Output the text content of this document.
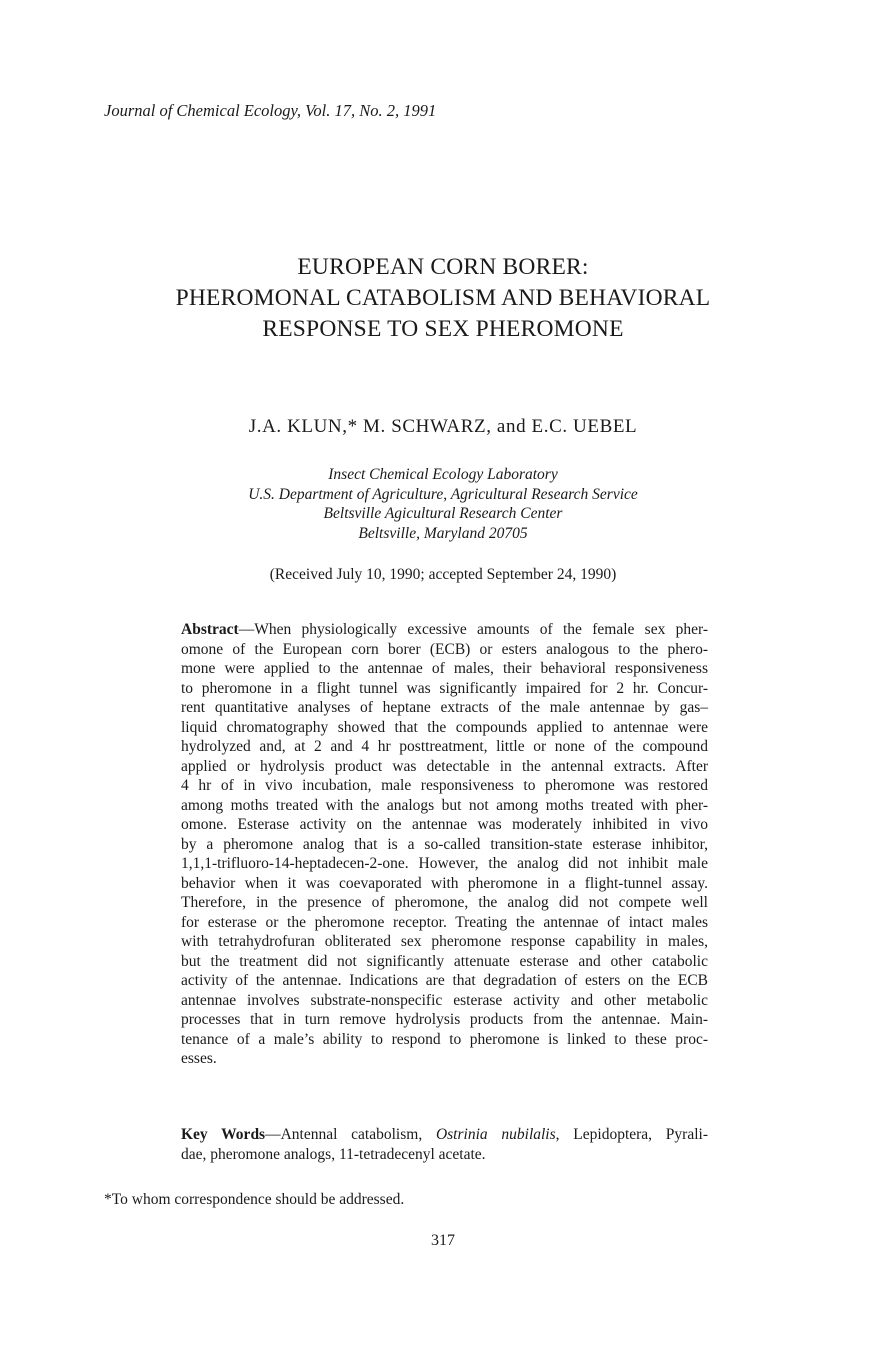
Journal of Chemical Ecology, Vol. 17, No. 2, 1991
EUROPEAN CORN BORER:
PHEROMONAL CATABOLISM AND BEHAVIORAL
RESPONSE TO SEX PHEROMONE
J.A. KLUN,* M. SCHWARZ, and E.C. UEBEL
Insect Chemical Ecology Laboratory
U.S. Department of Agriculture, Agricultural Research Service
Beltsville Agicultural Research Center
Beltsville, Maryland 20705
(Received July 10, 1990; accepted September 24, 1990)
Abstract—When physiologically excessive amounts of the female sex pher-
omone of the European corn borer (ECB) or esters analogous to the phero-
mone were applied to the antennae of males, their behavioral responsiveness
to pheromone in a flight tunnel was significantly impaired for 2 hr. Concur-
rent quantitative analyses of heptane extracts of the male antennae by gas–
liquid chromatography showed that the compounds applied to antennae were
hydrolyzed and, at 2 and 4 hr posttreatment, little or none of the compound
applied or hydrolysis product was detectable in the antennal extracts. After
4 hr of in vivo incubation, male responsiveness to pheromone was restored
among moths treated with the analogs but not among moths treated with pher-
omone. Esterase activity on the antennae was moderately inhibited in vivo
by a pheromone analog that is a so-called transition-state esterase inhibitor,
1,1,1-trifluoro-14-heptadecen-2-one. However, the analog did not inhibit male
behavior when it was coevaporated with pheromone in a flight-tunnel assay.
Therefore, in the presence of pheromone, the analog did not compete well
for esterase or the pheromone receptor. Treating the antennae of intact males
with tetrahydrofuran obliterated sex pheromone response capability in males,
but the treatment did not significantly attenuate esterase and other catabolic
activity of the antennae. Indications are that degradation of esters on the ECB
antennae involves substrate-nonspecific esterase activity and other metabolic
processes that in turn remove hydrolysis products from the antennae. Main-
tenance of a male’s ability to respond to pheromone is linked to these proc-
esses.
Key Words—Antennal catabolism, Ostrinia nubilalis, Lepidoptera, Pyrali-
dae, pheromone analogs, 11-tetradecenyl acetate.
*To whom correspondence should be addressed.
317
